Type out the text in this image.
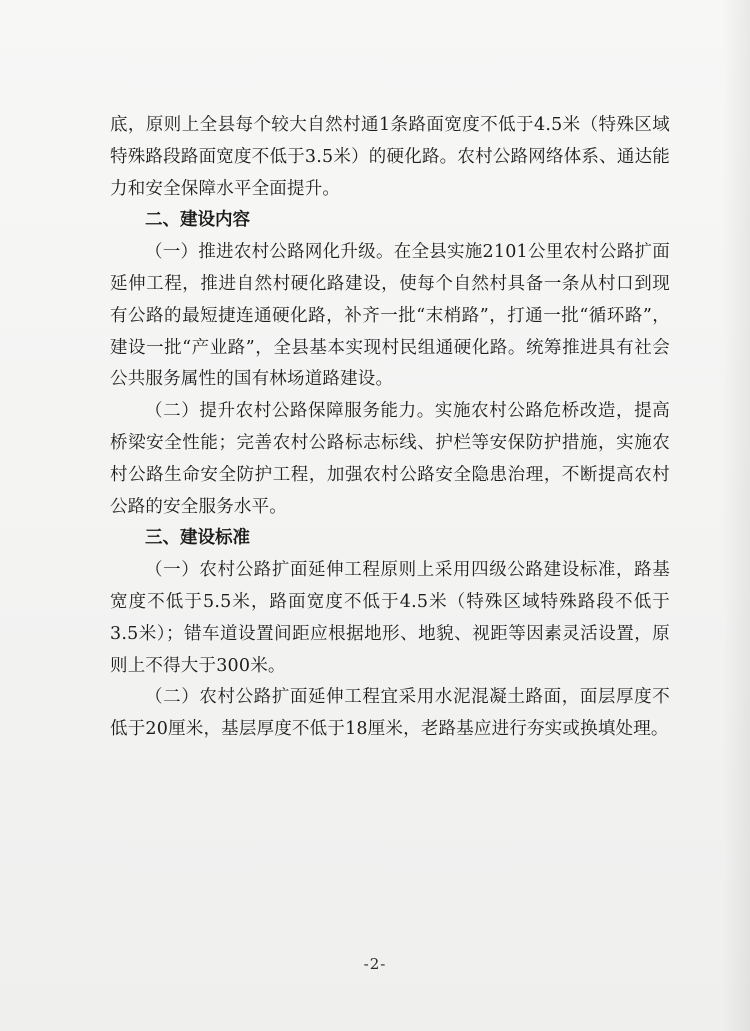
底，原则上全县每个较大自然村通1条路面宽度不低于4.5米（特殊区域特殊路段路面宽度不低于3.5米）的硬化路。农村公路网络体系、通达能力和安全保障水平全面提升。

二、建设内容

（一）推进农村公路网化升级。在全县实施2101公里农村公路扩面延伸工程，推进自然村硬化路建设，使每个自然村具备一条从村口到现有公路的最短捷连通硬化路，补齐一批“末梢路”，打通一批“循环路”，建设一批“产业路”，全县基本实现村民组通硬化路。统筹推进具有社会公共服务属性的国有林场道路建设。

（二）提升农村公路保障服务能力。实施农村公路危桥改造，提高桥梁安全性能；完善农村公路标志标线、护栏等安保防护措施，实施农村公路生命安全防护工程，加强农村公路安全隐患治理，不断提高农村公路的安全服务水平。

三、建设标准

（一）农村公路扩面延伸工程原则上采用四级公路建设标准，路基宽度不低于5.5米，路面宽度不低于4.5米（特殊区域特殊路段不低于3.5米）；错车道设置间距应根据地形、地貌、视距等因素灵活设置，原则上不得大于300米。

（二）农村公路扩面延伸工程宜采用水泥混凝土路面，面层厚度不低于20厘米，基层厚度不低于18厘米，老路基应进行夯实或换填处理。

-2-
